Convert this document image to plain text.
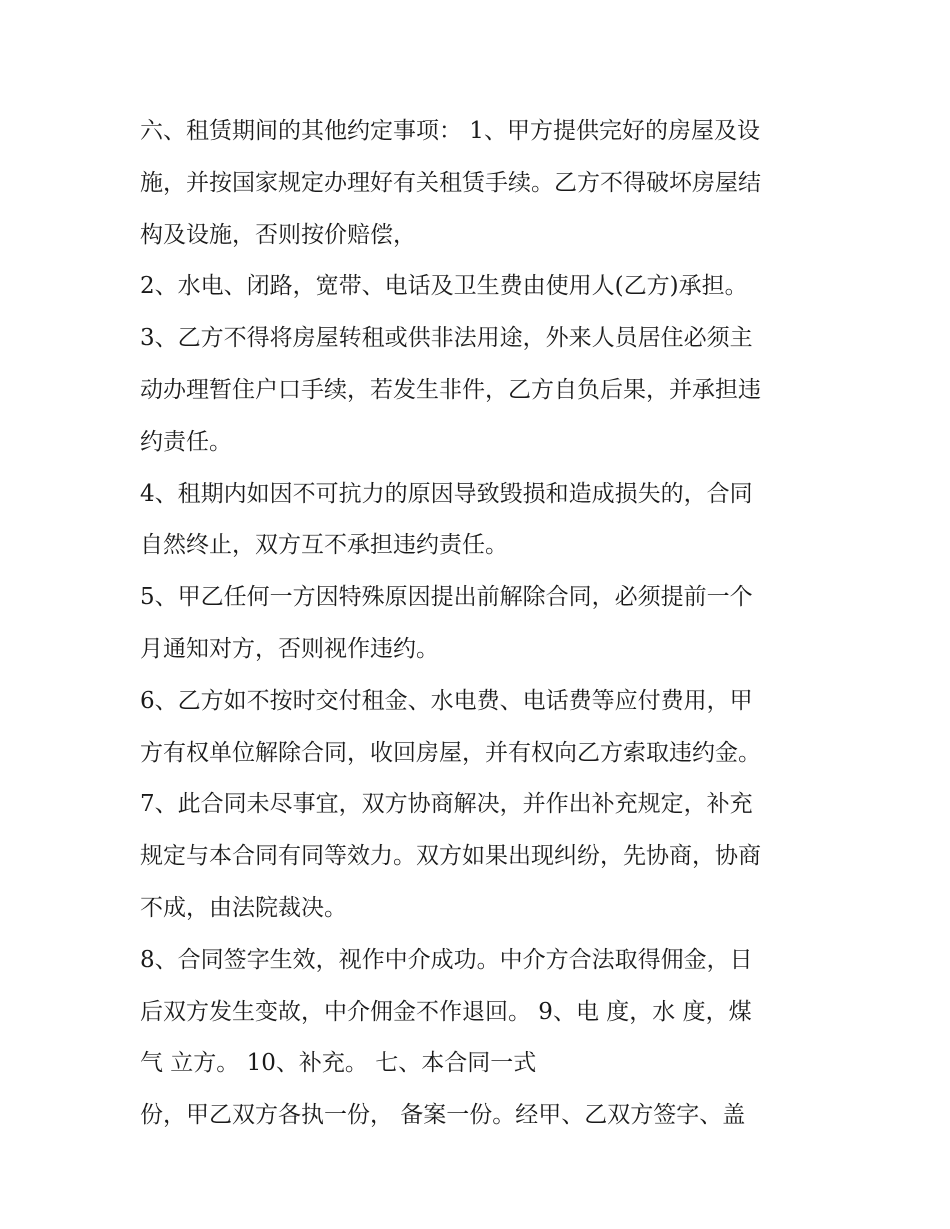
六、租赁期间的其他约定事项： 1、甲方提供完好的房屋及设

施，并按国家规定办理好有关租赁手续。乙方不得破坏房屋结

构及设施，否则按价赔偿，

2、水电、闭路，宽带、电话及卫生费由使用人(乙方)承担。

3、乙方不得将房屋转租或供非法用途，外来人员居住必须主

动办理暂住户口手续，若发生非件，乙方自负后果，并承担违

约责任。

4、租期内如因不可抗力的原因导致毁损和造成损失的，合同

自然终止，双方互不承担违约责任。

5、甲乙任何一方因特殊原因提出前解除合同，必须提前一个

月通知对方，否则视作违约。

6、乙方如不按时交付租金、水电费、电话费等应付费用，甲

方有权单位解除合同，收回房屋，并有权向乙方索取违约金。

7、此合同未尽事宜，双方协商解决，并作出补充规定，补充

规定与本合同有同等效力。双方如果出现纠纷，先协商，协商

不成，由法院裁决。

8、合同签字生效，视作中介成功。中介方合法取得佣金，日

后双方发生变故，中介佣金不作退回。 9、电 度，水 度，煤

气 立方。 10、补充。 七、本合同一式

份，甲乙双方各执一份， 备案一份。经甲、乙双方签字、盖
